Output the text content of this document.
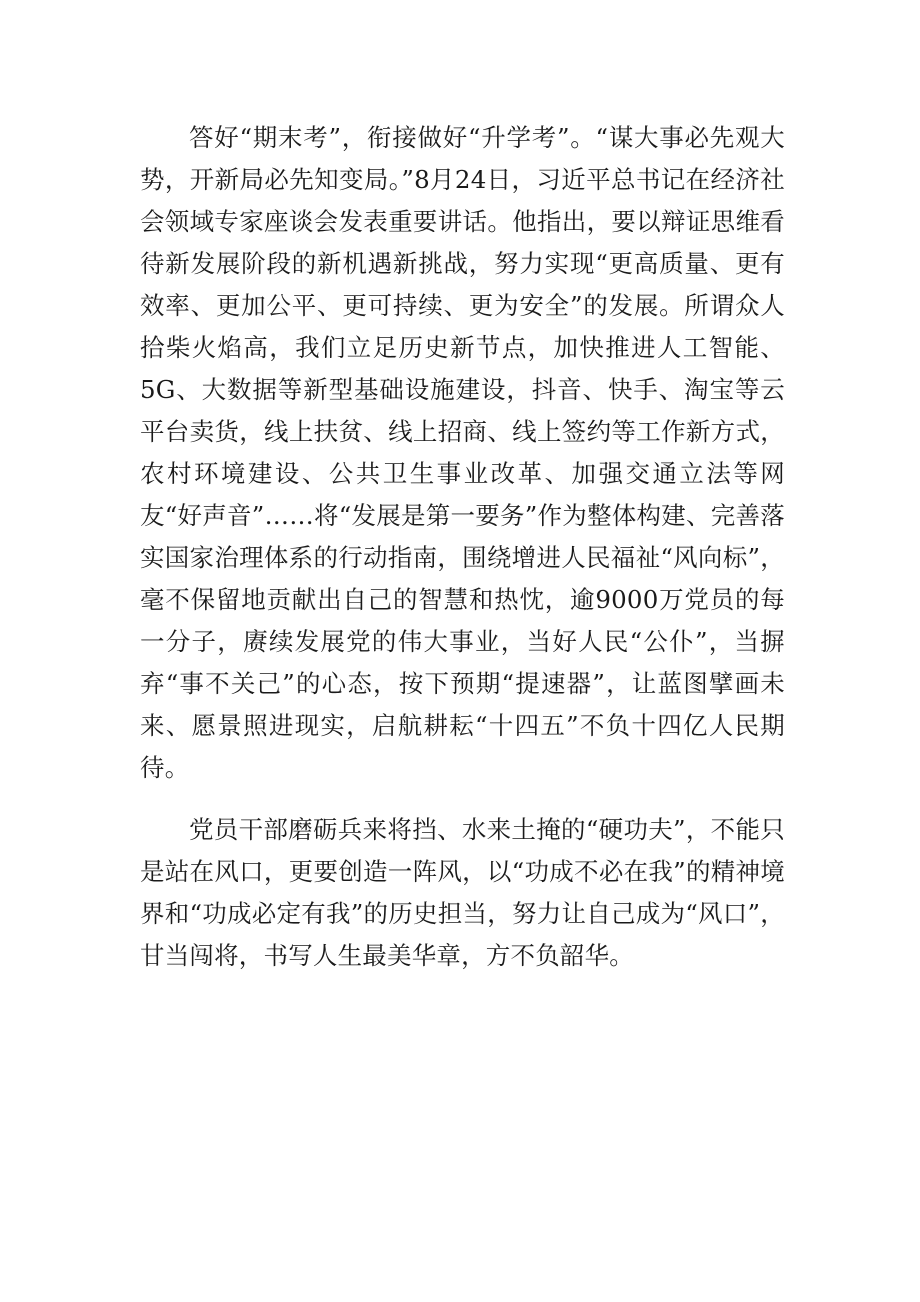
答好“期末考”，衔接做好“升学考”。“谋大事必先观大势，开新局必先知变局。”8月24日，习近平总书记在经济社会领域专家座谈会发表重要讲话。他指出，要以辩证思维看待新发展阶段的新机遇新挑战，努力实现“更高质量、更有效率、更加公平、更可持续、更为安全”的发展。所谓众人拾柴火焰高，我们立足历史新节点，加快推进人工智能、5G、大数据等新型基础设施建设，抖音、快手、淘宝等云平台卖货，线上扶贫、线上招商、线上签约等工作新方式，农村环境建设、公共卫生事业改革、加强交通立法等网友“好声音”……将“发展是第一要务”作为整体构建、完善落实国家治理体系的行动指南，围绕增进人民福祉“风向标”，毫不保留地贡献出自己的智慧和热忱，逾9000万党员的每一分子，赓续发展党的伟大事业，当好人民“公仆”，当摒弃“事不关己”的心态，按下预期“提速器”，让蓝图擘画未来、愿景照进现实，启航耕耘“十四五”不负十四亿人民期待。

党员干部磨砺兵来将挡、水来土掩的“硬功夫”，不能只是站在风口，更要创造一阵风，以“功成不必在我”的精神境界和“功成必定有我”的历史担当，努力让自己成为“风口”，甘当闯将，书写人生最美华章，方不负韶华。
